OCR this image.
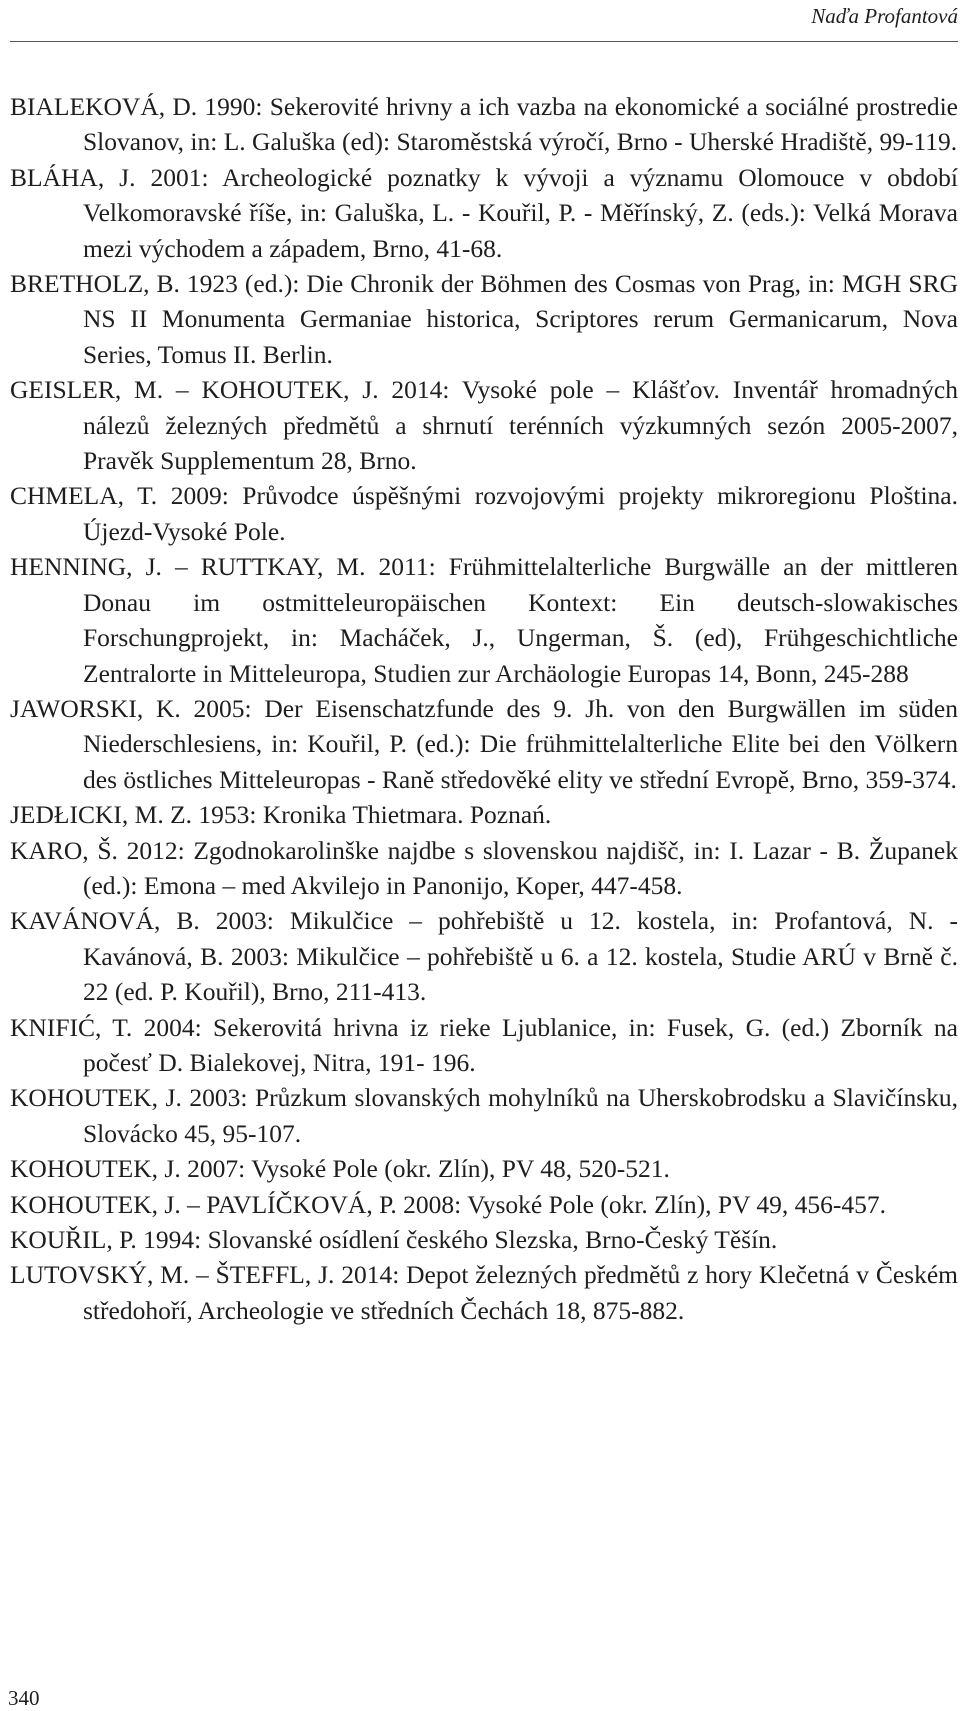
Naďa Profantová
BIALEKOVÁ, D. 1990: Sekerovité hrivny a ich vazba na ekonomické a sociálné prostredie Slovanov, in: L. Galuška (ed): Staroměstská výročí, Brno - Uherské Hradiště, 99-119.
BLÁHA, J. 2001: Archeologické poznatky k vývoji a významu Olomouce v období Velkomoravské říše, in: Galuška, L. - Kouřil, P. - Měřínský, Z. (eds.): Velká Morava mezi východem a západem, Brno, 41-68.
BRETHOLZ, B. 1923 (ed.): Die Chronik der Böhmen des Cosmas von Prag, in: MGH SRG NS II Monumenta Germaniae historica, Scriptores rerum Germanicarum, Nova Series, Tomus II. Berlin.
GEISLER, M. – KOHOUTEK, J. 2014: Vysoké pole – Klášťov. Inventář hromadných nálezů železných předmětů a shrnutí terénních výzkumných sezón 2005-2007, Pravěk Supplementum 28, Brno.
CHMELA, T. 2009: Průvodce úspěšnými rozvojovými projekty mikroregionu Ploština. Újezd-Vysoké Pole.
HENNING, J. – RUTTKAY, M. 2011: Frühmittelalterliche Burgwälle an der mittleren Donau im ostmitteleuropäischen Kontext: Ein deutsch-slowakisches Forschungprojekt, in: Macháček, J., Ungerman, Š. (ed), Frühgeschichtliche Zentralorte in Mitteleuropa, Studien zur Archäologie Europas 14, Bonn, 245-288
JAWORSKI, K. 2005: Der Eisenschatzfunde des 9. Jh. von den Burgwällen im süden Niederschlesiens, in: Kouřil, P. (ed.): Die frühmittelalterliche Elite bei den Völkern des östliches Mitteleuropas - Raně středověké elity ve střední Evropě, Brno, 359-374.
JEDŁICKI, M. Z. 1953: Kronika Thietmara. Poznań.
KARO, Š. 2012: Zgodnokarolinške najdbe s slovenskou najdišč, in: I. Lazar - B. Županek (ed.): Emona – med Akvilejo in Panonijo, Koper, 447-458.
KAVÁNOVÁ, B. 2003: Mikulčice – pohřebiště u 12. kostela, in: Profantová, N. - Kavánová, B. 2003: Mikulčice – pohřebiště u 6. a 12. kostela, Studie ARÚ v Brně č. 22 (ed. P. Kouřil), Brno, 211-413.
KNIFIĆ, T. 2004: Sekerovitá hrivna iz rieke Ljublanice, in: Fusek, G. (ed.) Zborník na počesť D. Bialekovej, Nitra, 191- 196.
KOHOUTEK, J. 2003: Průzkum slovanských mohylníků na Uherskobrodsku a Slavičínsku, Slovácko 45, 95-107.
KOHOUTEK, J. 2007: Vysoké Pole (okr. Zlín), PV 48, 520-521.
KOHOUTEK, J. – PAVLÍČKOVÁ, P. 2008: Vysoké Pole (okr. Zlín), PV 49, 456-457.
KOUŘIL, P. 1994: Slovanské osídlení českého Slezska, Brno-Český Těšín.
LUTOVSKÝ, M. – ŠTEFFL, J. 2014: Depot železných předmětů z hory Klečetná v Českém středohoří, Archeologie ve středních Čechách 18, 875-882.
340
